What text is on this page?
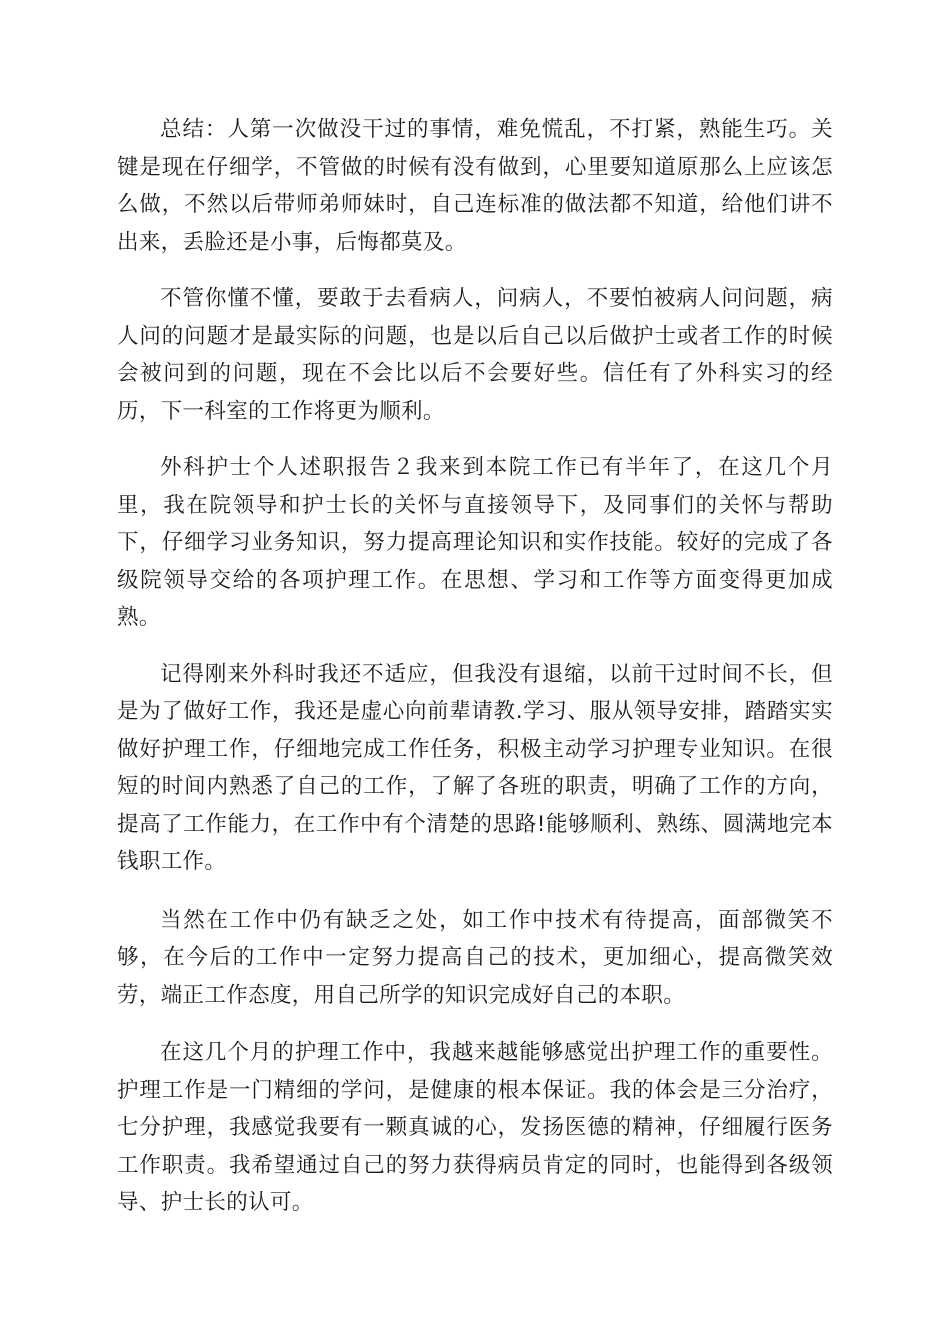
总结：人第一次做没干过的事情，难免慌乱，不打紧，熟能生巧。关键是现在仔细学，不管做的时候有没有做到，心里要知道原那么上应该怎么做，不然以后带师弟师妹时，自己连标准的做法都不知道，给他们讲不出来，丢脸还是小事，后悔都莫及。

不管你懂不懂，要敢于去看病人，问病人，不要怕被病人问问题，病人问的问题才是最实际的问题，也是以后自己以后做护士或者工作的时候会被问到的问题，现在不会比以后不会要好些。信任有了外科实习的经历，下一科室的工作将更为顺利。

外科护士个人述职报告２我来到本院工作已有半年了，在这几个月里，我在院领导和护士长的关怀与直接领导下，及同事们的关怀与帮助下，仔细学习业务知识，努力提高理论知识和实作技能。较好的完成了各级院领导交给的各项护理工作。在思想、学习和工作等方面变得更加成熟。

记得刚来外科时我还不适应，但我没有退缩，以前干过时间不长，但是为了做好工作，我还是虚心向前辈请教.学习、服从领导安排，踏踏实实做好护理工作，仔细地完成工作任务，积极主动学习护理专业知识。在很短的时间内熟悉了自己的工作，了解了各班的职责，明确了工作的方向，提高了工作能力，在工作中有个清楚的思路!能够顺利、熟练、圆满地完本钱职工作。

当然在工作中仍有缺乏之处，如工作中技术有待提高，面部微笑不够，在今后的工作中一定努力提高自己的技术，更加细心，提高微笑效劳，端正工作态度，用自己所学的知识完成好自己的本职。

在这几个月的护理工作中，我越来越能够感觉出护理工作的重要性。护理工作是一门精细的学问，是健康的根本保证。我的体会是三分治疗，七分护理，我感觉我要有一颗真诚的心，发扬医德的精神，仔细履行医务工作职责。我希望通过自己的努力获得病员肯定的同时，也能得到各级领导、护士长的认可。
